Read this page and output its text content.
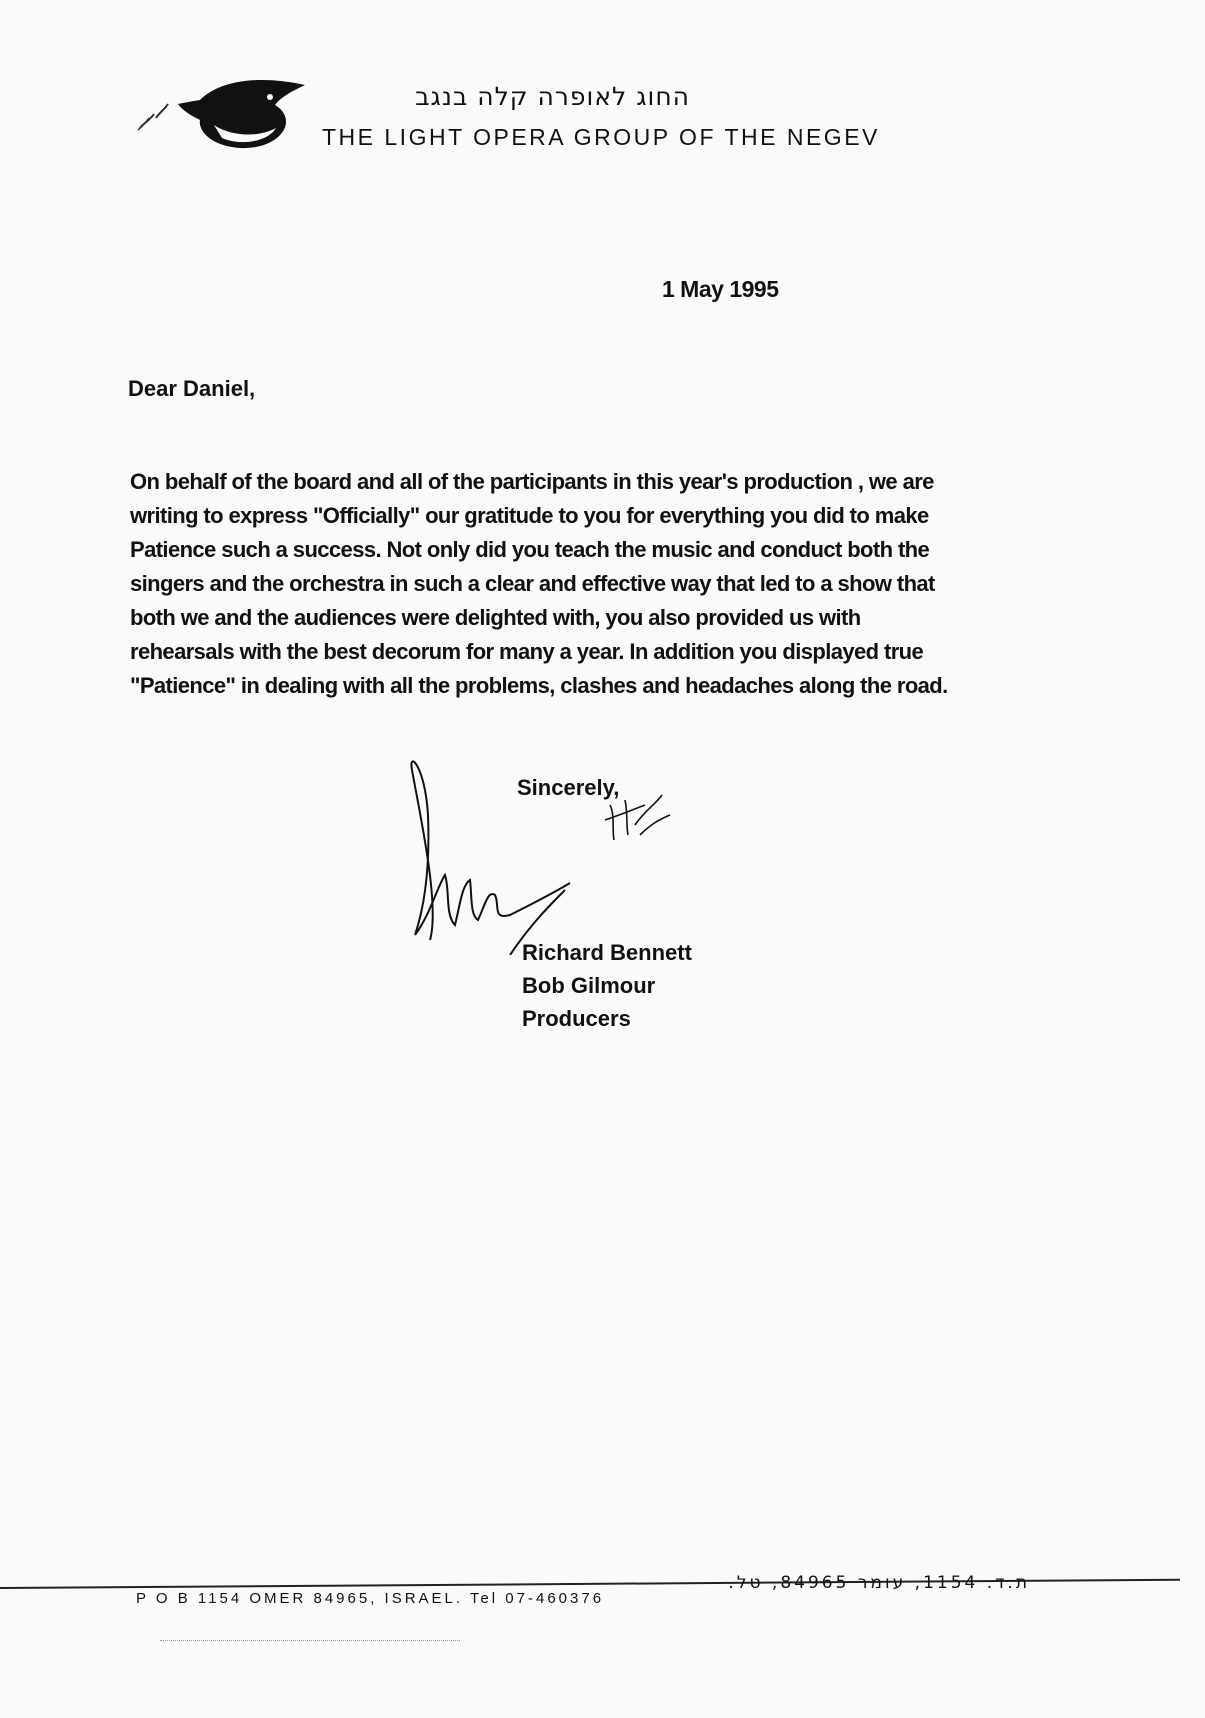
החוג לאופרה קלה בנגב
THE LIGHT OPERA GROUP OF THE NEGEV
1 May 1995
Dear Daniel,
On behalf of the board and all of the participants in this year's production , we are
writing to express "Officially" our gratitude to you for everything you did to make
Patience such a success. Not only did you teach the music and conduct both the
singers and the orchestra in such a clear and effective way that led to a show that
both we and the audiences were delighted with, you also provided us with
rehearsals with the best decorum for many a year. In addition you displayed true
"Patience" in dealing with all the problems, clashes and headaches along the road.
Sincerely,
Richard Bennett
Bob Gilmour
Producers
P O B 1154 OMER 84965, ISRAEL. Tel 07-460376
ת.ד. 1154, עומר 84965, טל.
